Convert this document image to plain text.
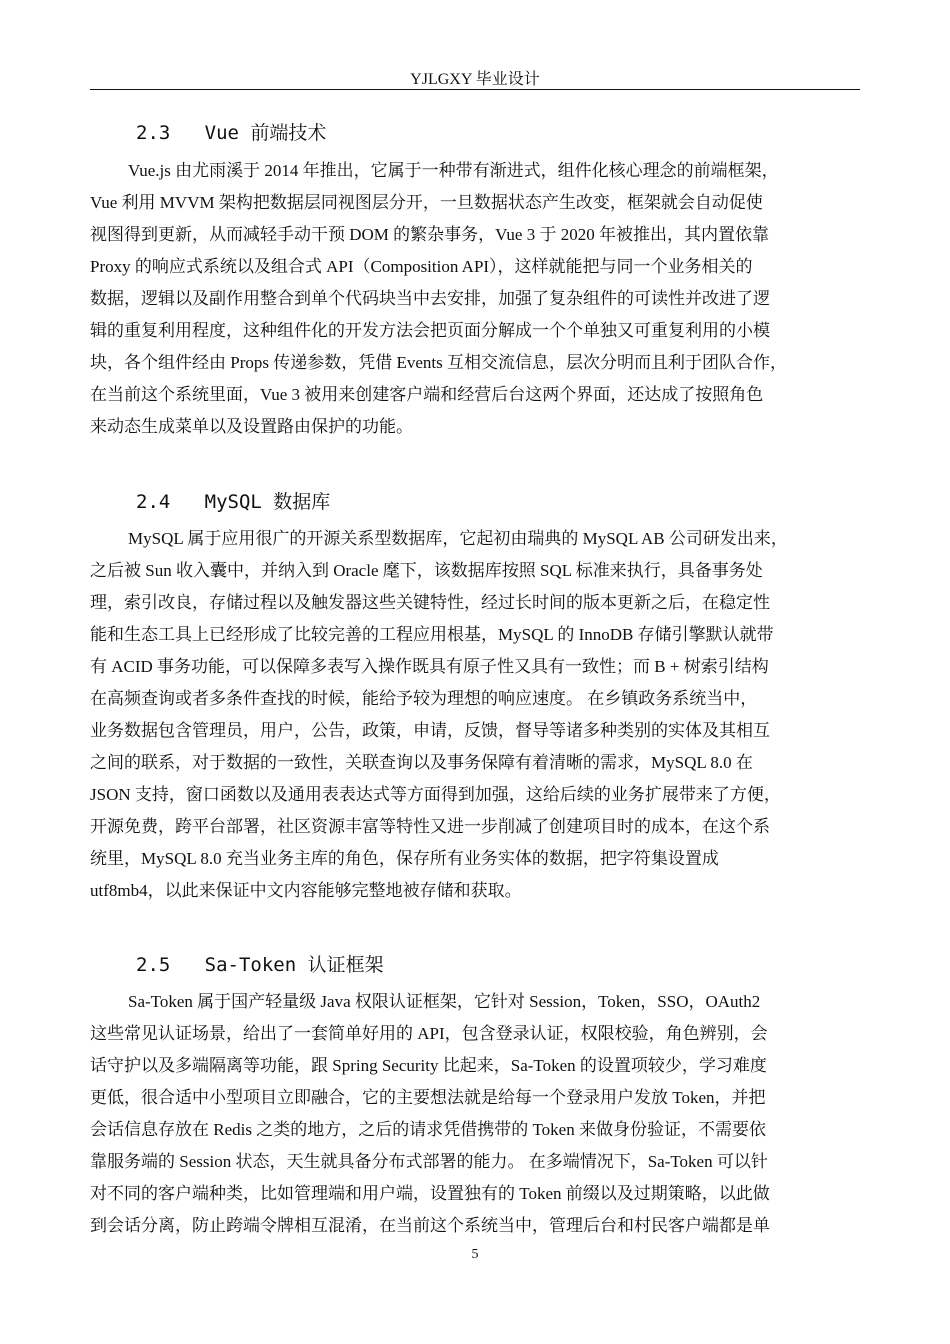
YJLGXY 毕业设计
2.3   Vue 前端技术
Vue.js 由尤雨溪于 2014 年推出，它属于一种带有渐进式，组件化核心理念的前端框架，
Vue 利用 MVVM 架构把数据层同视图层分开，一旦数据状态产生改变，框架就会自动促使
视图得到更新，从而减轻手动干预 DOM 的繁杂事务，Vue 3 于 2020 年被推出，其内置依靠
Proxy 的响应式系统以及组合式 API（Composition API），这样就能把与同一个业务相关的
数据，逻辑以及副作用整合到单个代码块当中去安排，加强了复杂组件的可读性并改进了逻
辑的重复利用程度，这种组件化的开发方法会把页面分解成一个个单独又可重复利用的小模
块，各个组件经由 Props 传递参数，凭借 Events 互相交流信息，层次分明而且利于团队合作，
在当前这个系统里面，Vue 3 被用来创建客户端和经营后台这两个界面，还达成了按照角色
来动态生成菜单以及设置路由保护的功能。
2.4   MySQL 数据库
MySQL 属于应用很广的开源关系型数据库，它起初由瑞典的 MySQL AB 公司研发出来，
之后被 Sun 收入囊中，并纳入到 Oracle 麾下，该数据库按照 SQL 标准来执行，具备事务处
理，索引改良，存储过程以及触发器这些关键特性，经过长时间的版本更新之后，在稳定性
能和生态工具上已经形成了比较完善的工程应用根基，MySQL 的 InnoDB 存储引擎默认就带
有 ACID 事务功能，可以保障多表写入操作既具有原子性又具有一致性；而 B + 树索引结构
在高频查询或者多条件查找的时候，能给予较为理想的响应速度。 在乡镇政务系统当中，
业务数据包含管理员，用户，公告，政策，申请，反馈，督导等诸多种类别的实体及其相互
之间的联系，对于数据的一致性，关联查询以及事务保障有着清晰的需求，MySQL 8.0 在
JSON 支持，窗口函数以及通用表表达式等方面得到加强，这给后续的业务扩展带来了方便，
开源免费，跨平台部署，社区资源丰富等特性又进一步削减了创建项目时的成本，在这个系
统里，MySQL 8.0 充当业务主库的角色，保存所有业务实体的数据，把字符集设置成
utf8mb4，以此来保证中文内容能够完整地被存储和获取。
2.5   Sa-Token 认证框架
Sa-Token 属于国产轻量级 Java 权限认证框架，它针对 Session，Token，SSO，OAuth2
这些常见认证场景，给出了一套简单好用的 API，包含登录认证，权限校验，角色辨别，会
话守护以及多端隔离等功能，跟 Spring Security 比起来，Sa-Token 的设置项较少，学习难度
更低，很合适中小型项目立即融合，它的主要想法就是给每一个登录用户发放 Token，并把
会话信息存放在 Redis 之类的地方，之后的请求凭借携带的 Token 来做身份验证，不需要依
靠服务端的 Session 状态，天生就具备分布式部署的能力。 在多端情况下，Sa-Token 可以针
对不同的客户端种类，比如管理端和用户端，设置独有的 Token 前缀以及过期策略，以此做
到会话分离，防止跨端令牌相互混淆，在当前这个系统当中，管理后台和村民客户端都是单
5
